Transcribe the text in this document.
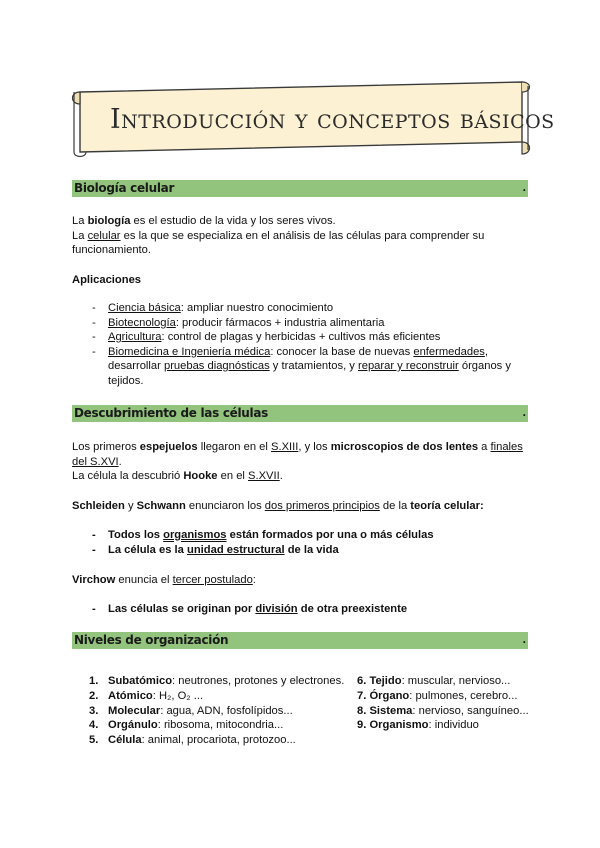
Introducción y conceptos básicos
Biología celular	.
La biología es el estudio de la vida y los seres vivos.
La celular es la que se especializa en el análisis de las células para comprender su funcionamiento.
Aplicaciones
- Ciencia básica: ampliar nuestro conocimiento
- Biotecnología: producir fármacos + industria alimentaria
- Agricultura: control de plagas y herbicidas + cultivos más eficientes
- Biomedicina e Ingeniería médica: conocer la base de nuevas enfermedades, desarrollar pruebas diagnósticas y tratamientos, y reparar y reconstruir órganos y tejidos.
Descubrimiento de las células	.
Los primeros espejuelos llegaron en el S.XIII, y los microscopios de dos lentes a finales del S.XVI.
La célula la descubrió Hooke en el S.XVII.
Schleiden y Schwann enunciaron los dos primeros principios de la teoría celular:
- Todos los organismos están formados por una o más células
- La célula es la unidad estructural de la vida
Virchow enuncia el tercer postulado:
- Las células se originan por división de otra preexistente
Niveles de organización	.
1. Subatómico: neutrones, protones y electrones.
2. Atómico: H₂, O₂ ...
3. Molecular: agua, ADN, fosfolípidos...
4. Orgánulo: ribosoma, mitocondria...
5. Célula: animal, procariota, protozoo...
6. Tejido: muscular, nervioso...
7. Órgano: pulmones, cerebro...
8. Sistema: nervioso, sanguíneo...
9. Organismo: individuo
